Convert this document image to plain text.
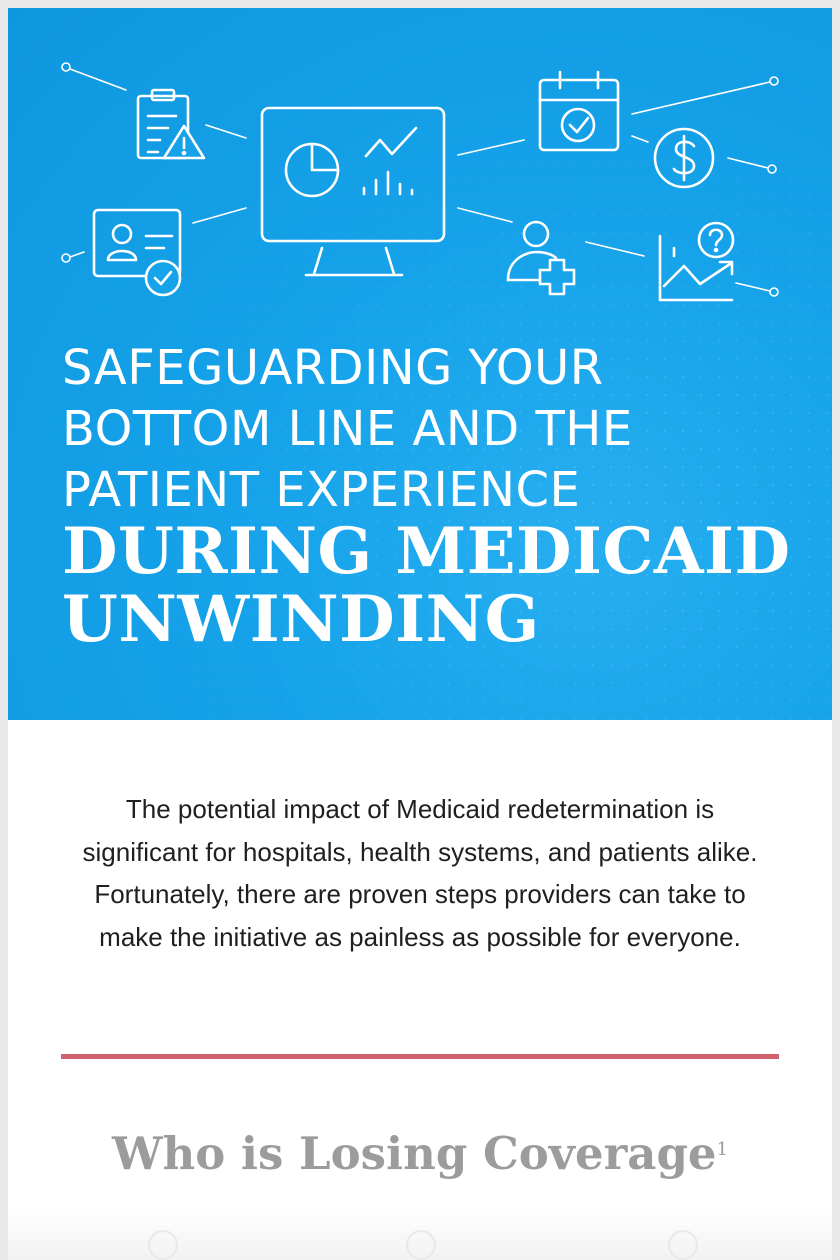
SAFEGUARDING YOUR
BOTTOM LINE AND THE
PATIENT EXPERIENCE
DURING MEDICAID
UNWINDING
The potential impact of Medicaid redetermination is significant for hospitals, health systems, and patients alike. Fortunately, there are proven steps providers can take to make the initiative as painless as possible for everyone.
Who is Losing Coverage$^1$
